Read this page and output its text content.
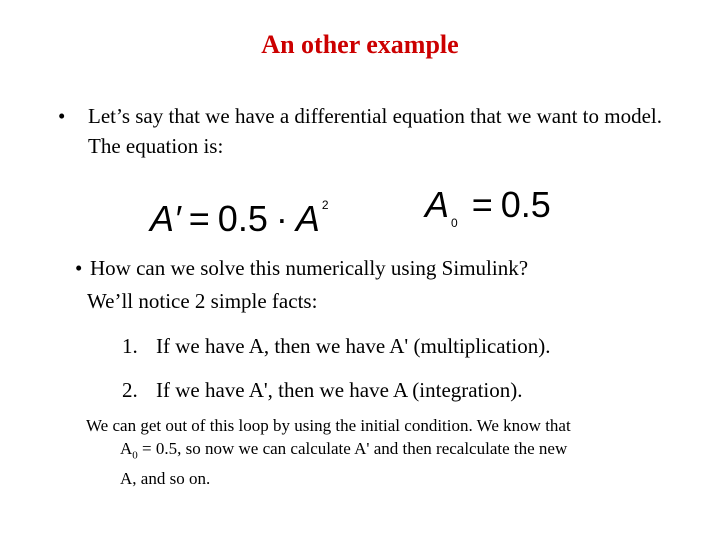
An other example
• Let’s say that we have a differential equation that we want to model. The equation is:
A′ = 0.5 · A $^2$	A $_0$ = 0.5
• How can we solve this numerically using Simulink?
We’ll notice 2 simple facts:
1. If we have A, then we have A' (multiplication).
2. If we have A', then we have A (integration).
We can get out of this loop by using the initial condition. We know that
$A_0 = 0.5$, so now we can calculate A' and then recalculate the new
A, and so on.
